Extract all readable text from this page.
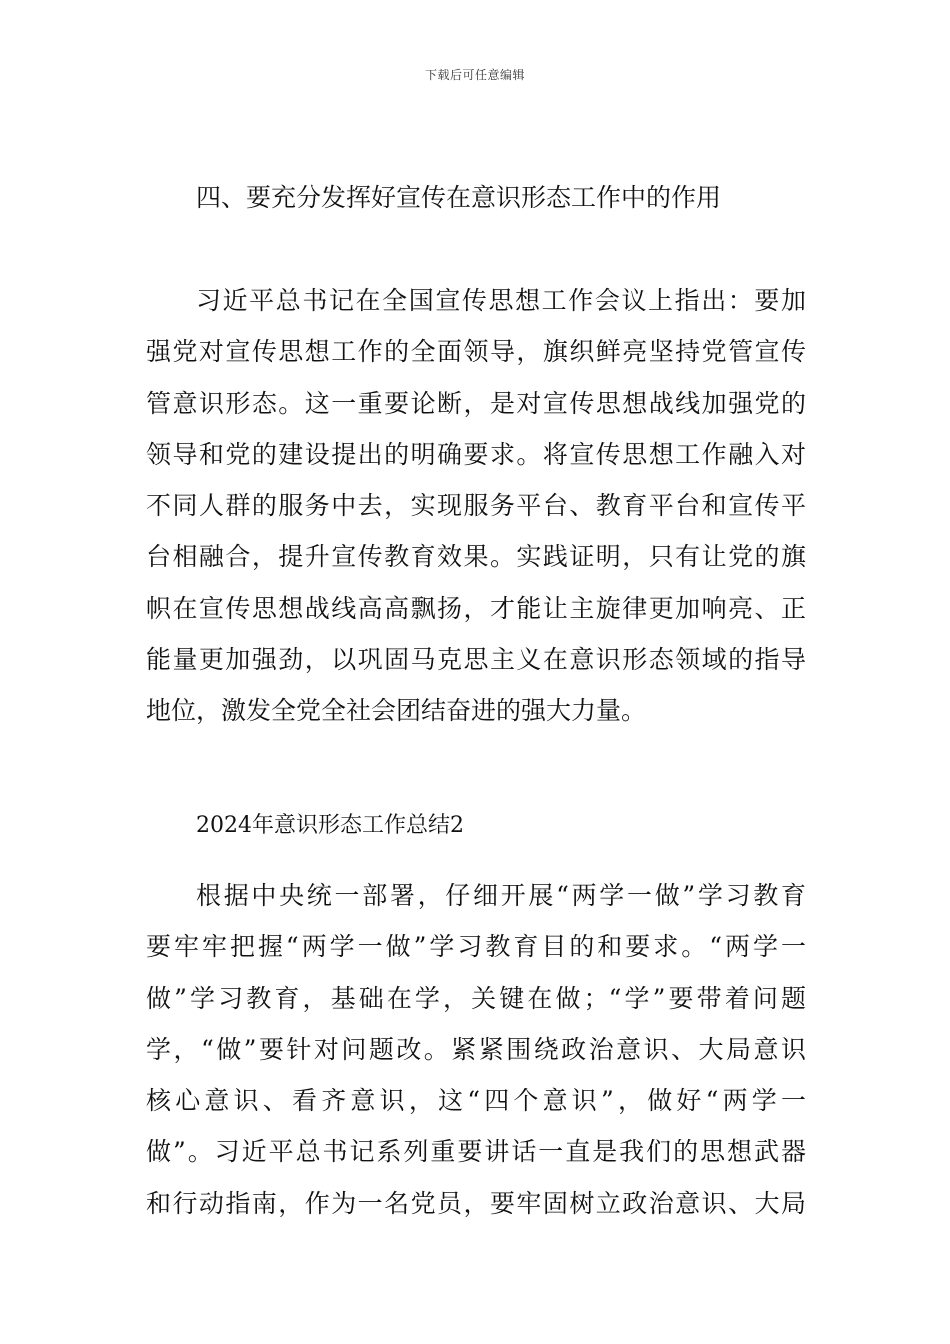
下载后可任意编辑
四、要充分发挥好宣传在意识形态工作中的作用
习近平总书记在全国宣传思想工作会议上指出：要加
强党对宣传思想工作的全面领导，旗织鲜亮坚持党管宣传
管意识形态。这一重要论断，是对宣传思想战线加强党的
领导和党的建设提出的明确要求。将宣传思想工作融入对
不同人群的服务中去，实现服务平台、教育平台和宣传平
台相融合，提升宣传教育效果。实践证明，只有让党的旗
帜在宣传思想战线高高飘扬，才能让主旋律更加响亮、正
能量更加强劲，以巩固马克思主义在意识形态领域的指导
地位，激发全党全社会团结奋进的强大力量。
2024年意识形态工作总结2
根据中央统一部署，仔细开展“两学一做”学习教育
要牢牢把握“两学一做”学习教育目的和要求。“两学一
做”学习教育，基础在学，关键在做；“学”要带着问题
学，“做”要针对问题改。紧紧围绕政治意识、大局意识
核心意识、看齐意识，这“四个意识”，做好“两学一
做”。习近平总书记系列重要讲话一直是我们的思想武器
和行动指南，作为一名党员，要牢固树立政治意识、大局
